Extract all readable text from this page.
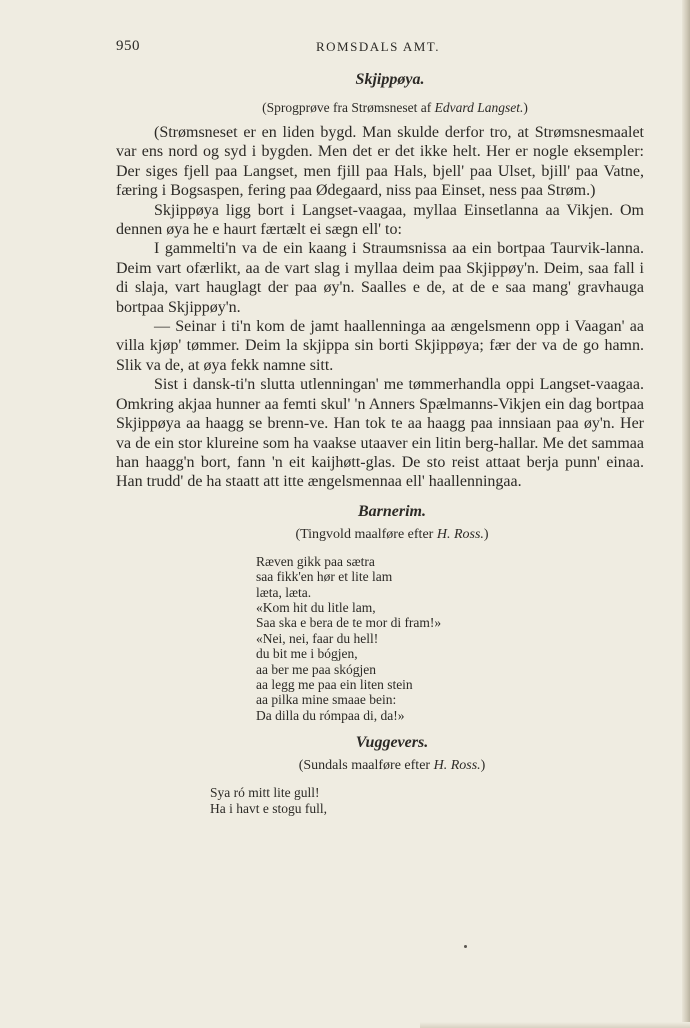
950	ROMSDALS AMT.
Skjippøya.

(Sprogprøve fra Strømsneset af Edvard Langset.)

(Strømsneset er en liden bygd. Man skulde derfor tro, at Strømsnesmaalet var ens nord og syd i bygden. Men det er det ikke helt. Her er nogle eksempler: Der siges fjell paa Langset, men fjill paa Hals, bjell' paa Ulset, bjill' paa Vatne, færing i Bogsaspen, fering paa Ødegaard, niss paa Einset, ness paa Strøm.)

Skjippøya ligg bort i Langset-vaagaa, myllaa Einsetlanna aa Vikjen. Om dennen øya he e haurt færtælt ei sægn ell' to:

I gammelti'n va de ein kaang i Straumsnissa aa ein bortpaa Taurvik-lanna. Deim vart ofærlikt, aa de vart slag i myllaa deim paa Skjippøy'n. Deim, saa fall i di slaja, vart hauglagt der paa øy'n. Saalles e de, at de e saa mang' gravhauga bortpaa Skjippøy'n.

— Seinar i ti'n kom de jamt haallenninga aa ængelsmenn opp i Vaagan' aa villa kjøp' tømmer. Deim la skjippa sin borti Skjippøya; fær der va de go hamn. Slik va de, at øya fekk namne sitt.

Sist i dansk-ti'n slutta utlenningan' me tømmerhandla oppi Langset-vaagaa. Omkring akjaa hunner aa femti skul' 'n Anners Spælmanns-Vikjen ein dag bortpaa Skjippøya aa haagg se brenn-ve. Han tok te aa haagg paa innsiaan paa øy'n. Her va de ein stor klureine som ha vaakse utaaver ein litin berg-hallar. Me det sammaa han haagg'n bort, fann 'n eit kaijhøtt-glas. De sto reist attaat berja punn' einaa. Han trudd' de ha staatt att itte ængelsmennaa ell' haallenningaa.

Barnerim.

(Tingvold maalføre efter H. Ross.)

Ræven gikk paa sætra

saa fikk'en hør et lite lam

læta, læta.

«Kom hit du litle lam,

Saa ska e bera de te mor di fram!»

«Nei, nei, faar du hell!

du bit me i bógjen,

aa ber me paa skógjen

aa legg me paa ein liten stein

aa pilka mine smaae bein:

Da dilla du rómpaa di, da!»

Vuggevers.

(Sundals maalføre efter H. Ross.)

Sya ró mitt lite gull!

Ha i havt e stogu full,
